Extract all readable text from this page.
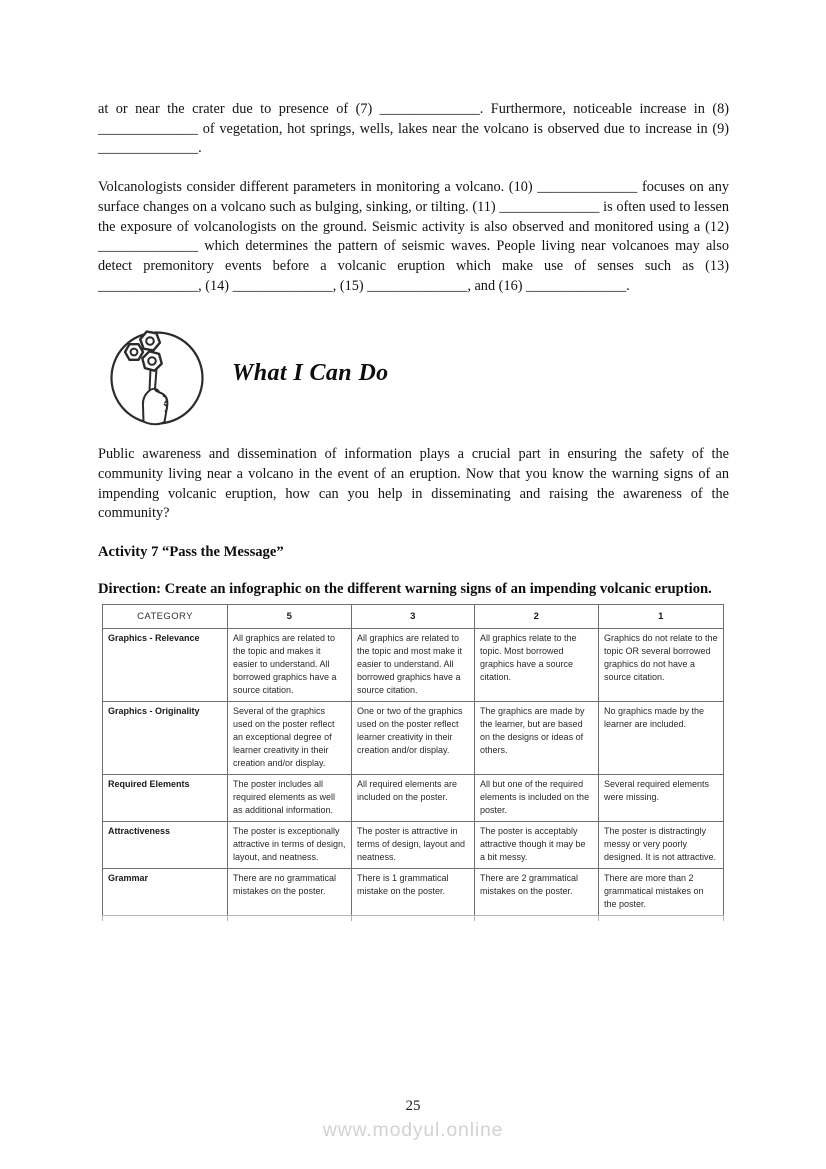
at or near the crater due to presence of (7) ______________. Furthermore, noticeable increase in (8) ______________ of vegetation, hot springs, wells, lakes near the volcano is observed due to increase in (9) ______________.

Volcanologists consider different parameters in monitoring a volcano. (10) ______________ focuses on any surface changes on a volcano such as bulging, sinking, or tilting. (11) ______________ is often used to lessen the exposure of volcanologists on the ground. Seismic activity is also observed and monitored using a (12) ______________ which determines the pattern of seismic waves. People living near volcanoes may also detect premonitory events before a volcanic eruption which make use of senses such as (13) ______________, (14) ______________, (15) ______________, and (16) ______________.

What I Can Do

Public awareness and dissemination of information plays a crucial part in ensuring the safety of the community living near a volcano in the event of an eruption. Now that you know the warning signs of an impending volcanic eruption, how can you help in disseminating and raising the awareness of the community?

Activity 7 “Pass the Message”

Direction: Create an infographic on the different warning signs of an impending volcanic eruption.

CATEGORY	5	3	2	1
Graphics - Relevance	All graphics are related to the topic and makes it easier to understand. All borrowed graphics have a source citation.	All graphics are related to the topic and most make it easier to understand. All borrowed graphics have a source citation.	All graphics relate to the topic. Most borrowed graphics have a source citation.	Graphics do not relate to the topic OR several borrowed graphics do not have a source citation.
Graphics - Originality	Several of the graphics used on the poster reflect an exceptional degree of learner creativity in their creation and/or display.	One or two of the graphics used on the poster reflect learner creativity in their creation and/or display.	The graphics are made by the learner, but are based on the designs or ideas of others.	No graphics made by the learner are included.
Required Elements	The poster includes all required elements as well as additional information.	All required elements are included on the poster.	All but one of the required elements is included on the poster.	Several required elements were missing.
Attractiveness	The poster is exceptionally attractive in terms of design, layout, and neatness.	The poster is attractive in terms of design, layout and neatness.	The poster is acceptably attractive though it may be a bit messy.	The poster is distractingly messy or very poorly designed. It is not attractive.
Grammar	There are no grammatical mistakes on the poster.	There is 1 grammatical mistake on the poster.	There are 2 grammatical mistakes on the poster.	There are more than 2 grammatical mistakes on the poster.

25
www.modyul.online
